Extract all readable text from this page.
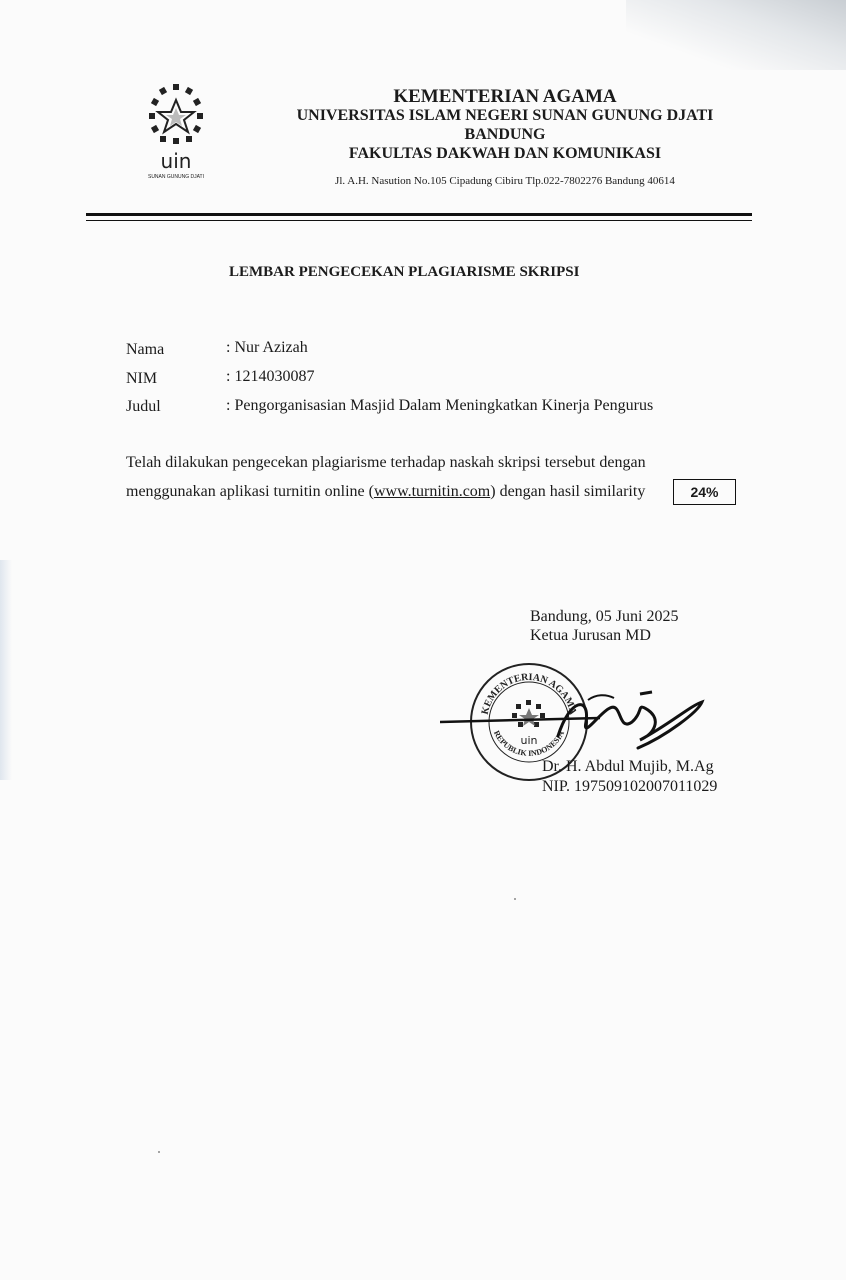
uin
SUNAN GUNUNG DJATI
KEMENTERIAN AGAMA
UNIVERSITAS ISLAM NEGERI SUNAN GUNUNG DJATI
BANDUNG
FAKULTAS DAKWAH DAN KOMUNIKASI
Jl. A.H. Nasution No.105 Cipadung Cibiru Tlp.022-7802276 Bandung 40614
LEMBAR PENGECEKAN PLAGIARISME SKRIPSI
Nama	: Nur Azizah
NIM	: 1214030087
Judul	: Pengorganisasian Masjid Dalam Meningkatkan Kinerja Pengurus
Telah dilakukan pengecekan plagiarisme terhadap naskah skripsi tersebut dengan
menggunakan aplikasi turnitin online (www.turnitin.com) dengan hasil similarity	24%
Bandung, 05 Juni 2025
Ketua Jurusan MD
KEMENTERIAN AGAMA
REPUBLIK INDONESIA
uin
Dr. H. Abdul Mujib, M.Ag
NIP. 197509102007011029
